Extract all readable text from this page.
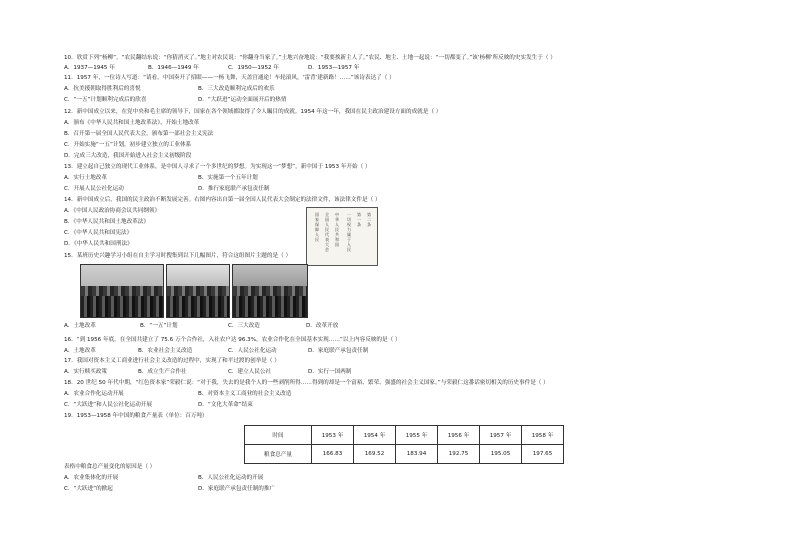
10．欣赏下列“杨柳”，“农民翻结东说：“你猜消灭了。”地主对农民说：“你翻身当家了。”土地兴奋地说：“我要挨新主人了。”农民、地主、土地一起说：“一切都变了。”该‘杨柳’所反映的史实发生于（ ）
A．1937—1945 年	B．1946—1949 年	C．1950—1952 年	D．1953—1957 年
11．1957 年，一位诗人写道：“请看，中国奏开了招眼——一杨飞舞，天盖宫通途！车轮滚风，‘雷背’建新路！……”该诗表达了（ ）
A．抗美援朝取得胜利后的喜悦	B．三大改造顺利完成后的欢乐
C．“一五”计划顺利完成后的欣喜	D．“大跃进”运动全面展开后的热情
12．新中国成立以来，在党中央和毛主席的领导下，国家在各个领域都取得了令人瞩目的成就。1954 年这一年，我国在民主政治建设方面的成就是（ ）
A．颁布《中华人民共和国土地改革法》，开始土地改革
B．召开第一届全国人民代表大会，颁布第一部社会主义宪法
C．开始实施“一五”计划，初步建立独立的工业体系
D．完成三大改造，我国开始进入社会主义初级阶段
13．建立起自己独立的现代工业体系，是中国人寻求了一个多世纪的梦想。为实现这一“梦想”，新中国于 1953 年开始（ ）
A．实行土地改革	B．实施第一个五年计划
C．开展人民公社化运动	D．推行家庭联产承包责任制
14．新中国成立后，我国的民主政治不断发展完善。右图内容出自第一届全国人民代表大会制定的法律文件，该法律文件是（ ）
A．《中国人民政治协商会议共同纲领》
B．《中华人民共和国土地改革法》
C．《中华人民共和国宪法》
D．《中华人民共和国刑法》
国家保障人民
全国人民代表大会
中华人民共和国
一切权力属于人民
第一条
第二条
15．某班历史兴趣学习小组在自主学习时搜集到以下几幅图片，符合这组图片主题的是（ ）
A．土地改革	B．“一五”计划	C．三大改造	D．改革开放
16．“到 1956 年底，在全国共建立了 75.6 万个合作社，入社农户达 96.3%，农业合作化在全国基本实现……”以上内容反映的是（ ）
A．土地改革	B．农业社会主义改造	C．人民公社化运动	D．家庭联产承包责任制
17．我国对资本主义工商业进行社会主义改造的过程中，实现了和平过渡的创举是（ ）
A．实行赎买政策	B．成立生产合作社	C．建立人民公社	D．实行一国两制
18．20 世纪 50 年代中期，“红色资本家”荣毅仁说：“对于我，失去的是我个人的一些剥削所得……得到的却是一个富裕、繁荣、强盛的社会主义国家。”与荣毅仁这番话密切相关的历史事件是（ ）
A．农业合作化运动开展	B．对资本主义工商业的社会主义改造
C．“大跃进”和人民公社化运动开展	D．“文化大革命”结束
19．1953—1958 年中国的粮食产量表（单位：百万吨）
时间	1953 年	1954 年	1955 年	1956 年	1957 年	1958 年
粮食总产量	166.83	169.52	183.94	192.75	195.05	197.65
表格中粮食总产量变化的原因是（ ）
A．农业集体化的开展	B．人民公社化运动的开展
C．“大跃进”的掀起	D．家庭联产承包责任制的推广
